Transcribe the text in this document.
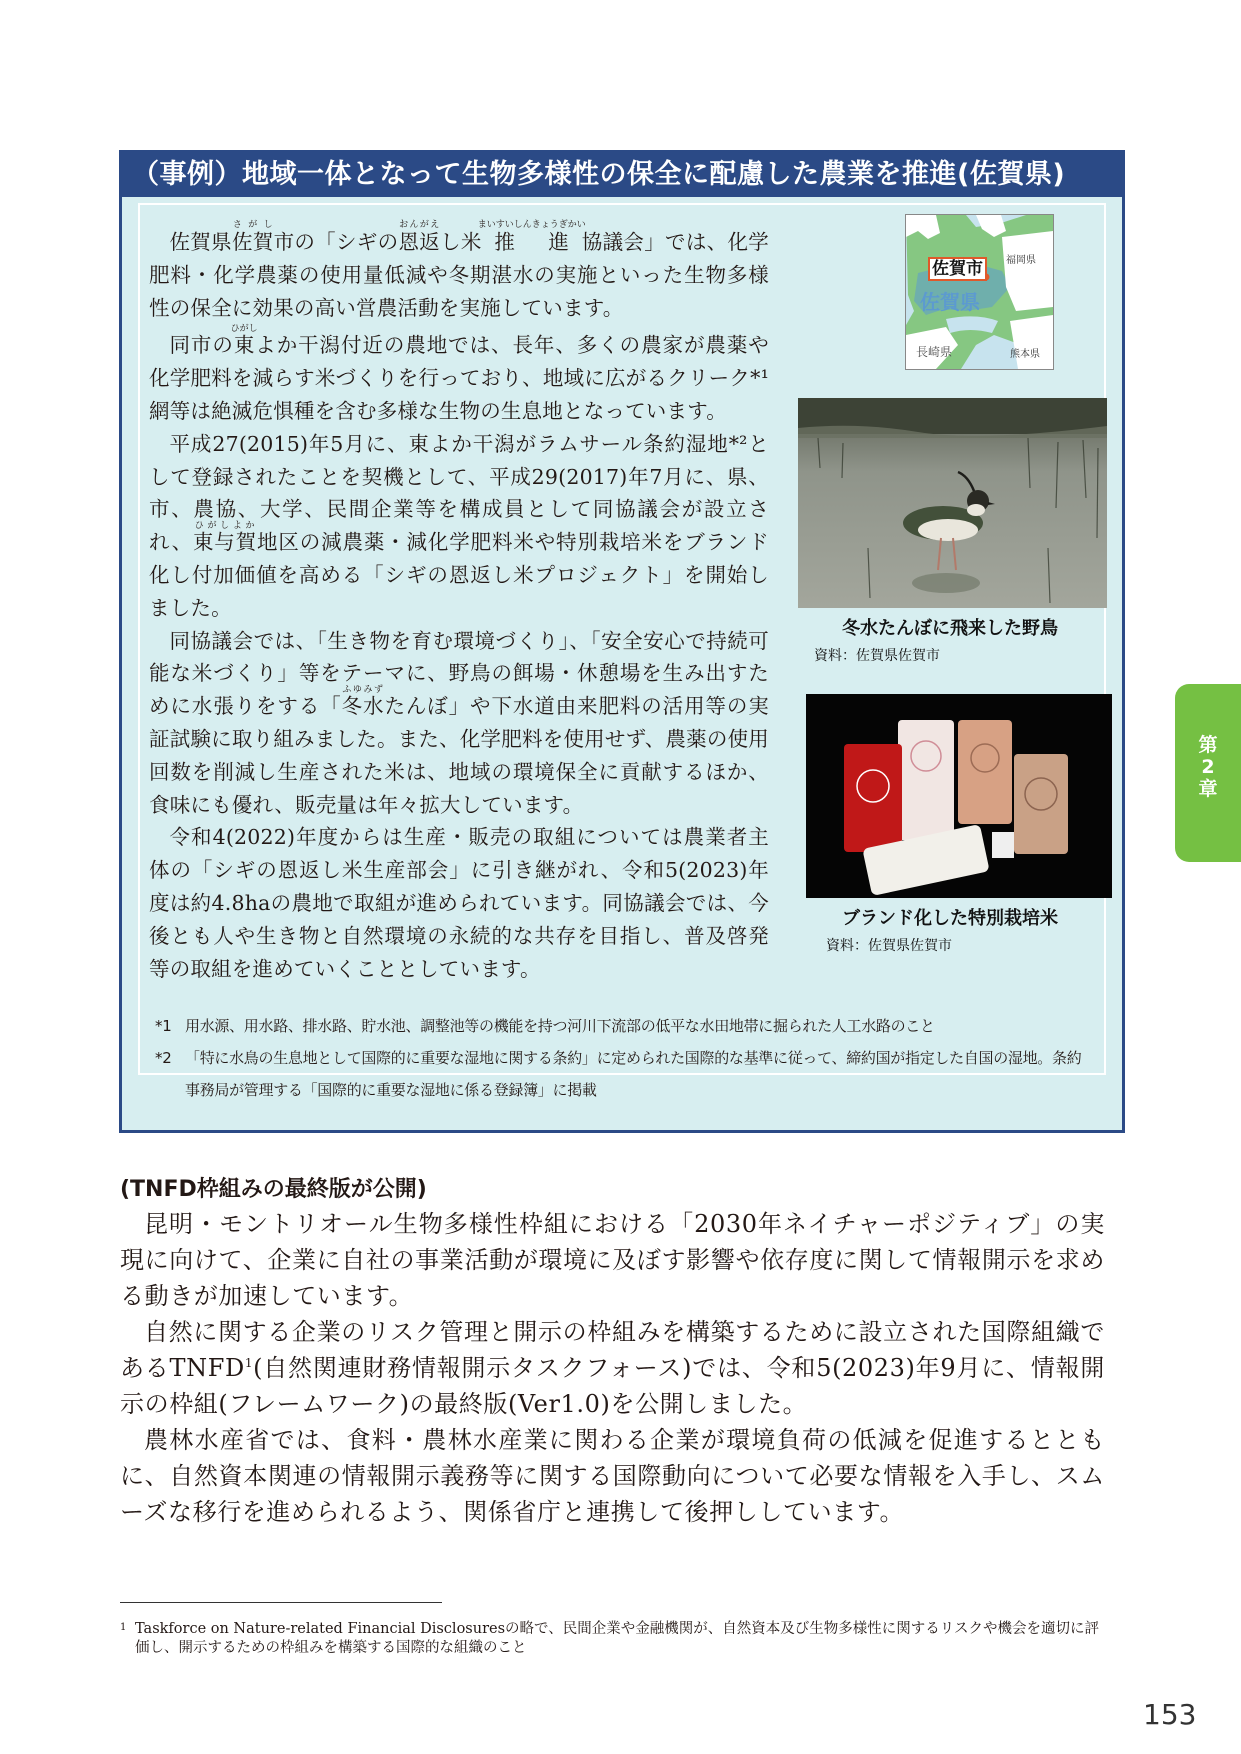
（事例）地域一体となって生物多様性の保全に配慮した農業を推進(佐賀県)

佐賀県佐賀さ が し市の「シギの恩返おんがえし米推進まいすいしんきょうぎかい協議会」では、化学肥料・化学農薬の使用量低減や冬期湛水の実施といった生物多様性の保全に効果の高い営農活動を実施しています。

同市の東ひがしよか干潟付近の農地では、長年、多くの農家が農薬や化学肥料を減らす米づくりを行っており、地域に広がるクリーク*¹網等は絶滅危惧種を含む多様な生物の生息地となっています。

平成27(2015)年5月に、東よか干潟がラムサール条約湿地*²として登録されたことを契機として、平成29(2017)年7月に、県、市、農協、大学、民間企業等を構成員として同協議会が設立され、東与賀ひがしよか地区の減農薬・減化学肥料米や特別栽培米をブランド化し付加価値を高める「シギの恩返し米プロジェクト」を開始しました。

同協議会では、「生き物を育む環境づくり」、「安全安心で持続可能な米づくり」等をテーマに、野鳥の餌場・休憩場を生み出すために水張りをする「冬水ふゆみずたんぼ」や下水道由来肥料の活用等の実証試験に取り組みました。また、化学肥料を使用せず、農薬の使用回数を削減し生産された米は、地域の環境保全に貢献するほか、食味にも優れ、販売量は年々拡大しています。

令和4(2022)年度からは生産・販売の取組については農業者主体の「シギの恩返し米生産部会」に引き継がれ、令和5(2023)年度は約4.8haの農地で取組が進められています。同協議会では、今後とも人や生き物と自然環境の永続的な共存を目指し、普及啓発等の取組を進めていくこととしています。

*1 用水源、用水路、排水路、貯水池、調整池等の機能を持つ河川下流部の低平な水田地帯に掘られた人工水路のこと
*2 「特に水鳥の生息地として国際的に重要な湿地に関する条約」に定められた国際的な基準に従って、締約国が指定した自国の湿地。条約事務局が管理する「国際的に重要な湿地に係る登録簿」に掲載
佐賀市
佐賀県
福岡県
長崎県	熊本県
冬水たんぼに飛来した野鳥
資料：佐賀県佐賀市
ブランド化した特別栽培米
資料：佐賀県佐賀市
第
2
章
(TNFD枠組みの最終版が公開)

昆明・モントリオール生物多様性枠組における「2030年ネイチャーポジティブ」の実現に向けて、企業に自社の事業活動が環境に及ぼす影響や依存度に関して情報開示を求める動きが加速しています。

自然に関する企業のリスク管理と開示の枠組みを構築するために設立された国際組織であるTNFD$^1$(自然関連財務情報開示タスクフォース)では、令和5(2023)年9月に、情報開示の枠組(フレームワーク)の最終版(Ver1.0)を公開しました。

農林水産省では、食料・農林水産業に関わる企業が環境負荷の低減を促進するとともに、自然資本関連の情報開示義務等に関する国際動向について必要な情報を入手し、スムーズな移行を進められるよう、関係省庁と連携して後押ししています。

1 Taskforce on Nature-related Financial Disclosuresの略で、民間企業や金融機関が、自然資本及び生物多様性に関するリスクや機会を適切に評価し、開示するための枠組みを構築する国際的な組織のこと
153
